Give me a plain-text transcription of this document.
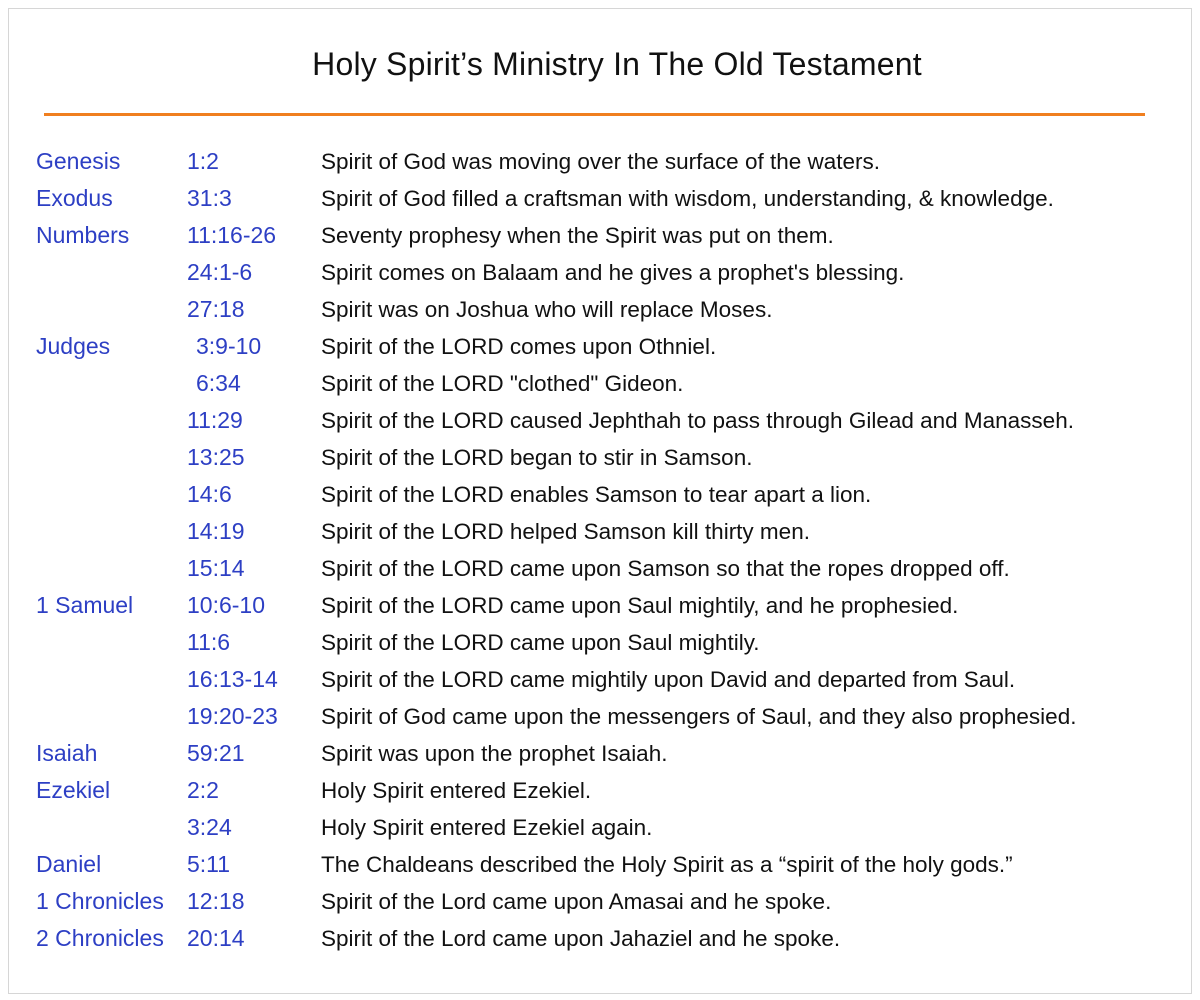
Holy Spirit’s Ministry In The Old Testament
Genesis	1:2	Spirit of God was moving over the surface of the waters.
Exodus	31:3	Spirit of God filled a craftsman with wisdom, understanding, & knowledge.
Numbers	11:16-26 Seventy prophesy when the Spirit was put on them.
24:1-6	Spirit comes on Balaam and he gives a prophet's blessing.
27:18	Spirit was on Joshua who will replace Moses.
Judges	3:9-10	Spirit of the LORD comes upon Othniel.
6:34	Spirit of the LORD "clothed" Gideon.
11:29	Spirit of the LORD caused Jephthah to pass through Gilead and Manasseh.
13:25	Spirit of the LORD began to stir in Samson.
14:6	Spirit of the LORD enables Samson to tear apart a lion.
14:19	Spirit of the LORD helped Samson kill thirty men.
15:14	Spirit of the LORD came upon Samson so that the ropes dropped off.
1 Samuel 10:6-10 Spirit of the LORD came upon Saul mightily, and he prophesied.
11:6	Spirit of the LORD came upon Saul mightily.
16:13-14 Spirit of the LORD came mightily upon David and departed from Saul.
19:20-23 Spirit of God came upon the messengers of Saul, and they also prophesied.
Isaiah	59:21	Spirit was upon the prophet Isaiah.
Ezekiel	2:2	Holy Spirit entered Ezekiel.
3:24	Holy Spirit entered Ezekiel again.
Daniel	5:11	The Chaldeans described the Holy Spirit as a “spirit of the holy gods.”
1 Chronicles 12:18	Spirit of the Lord came upon Amasai and he spoke.
2 Chronicles 20:14	Spirit of the Lord came upon Jahaziel and he spoke.
